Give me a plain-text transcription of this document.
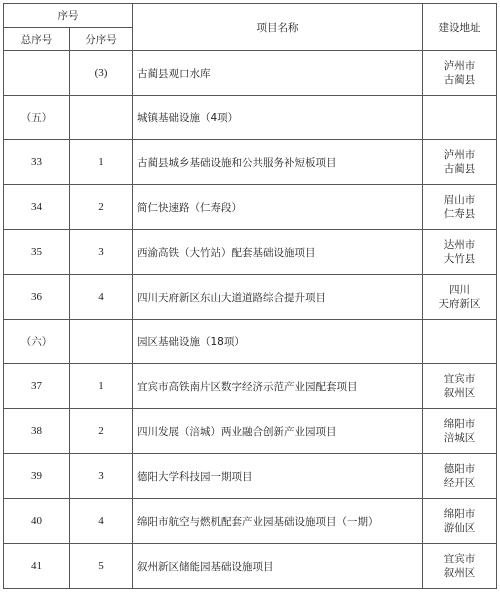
序号		项目名称	建设地址
总序号	分序号		
	(3)	古蔺县观口水库	泸州市
古蔺县
（五）		城镇基础设施（4项）	

33	1	古蔺县城乡基础设施和公共服务补短板项目	泸州市
古蔺县
34	2	简仁快速路（仁寿段）	眉山市
仁寿县
35	3	西渝高铁（大竹站）配套基础设施项目	达州市
大竹县
36	4	四川天府新区东山大道道路综合提升项目	四川
天府新区
（六）		园区基础设施（18项）	

37	1	宜宾市高铁南片区数字经济示范产业园配套项目	宜宾市
叙州区
38	2	四川发展（涪城）两业融合创新产业园项目	绵阳市
涪城区
39	3	德阳大学科技园一期项目	德阳市
经开区
40	4	绵阳市航空与燃机配套产业园基础设施项目（一期）	绵阳市
游仙区
41	5	叙州新区储能园基础设施项目	宜宾市
叙州区
